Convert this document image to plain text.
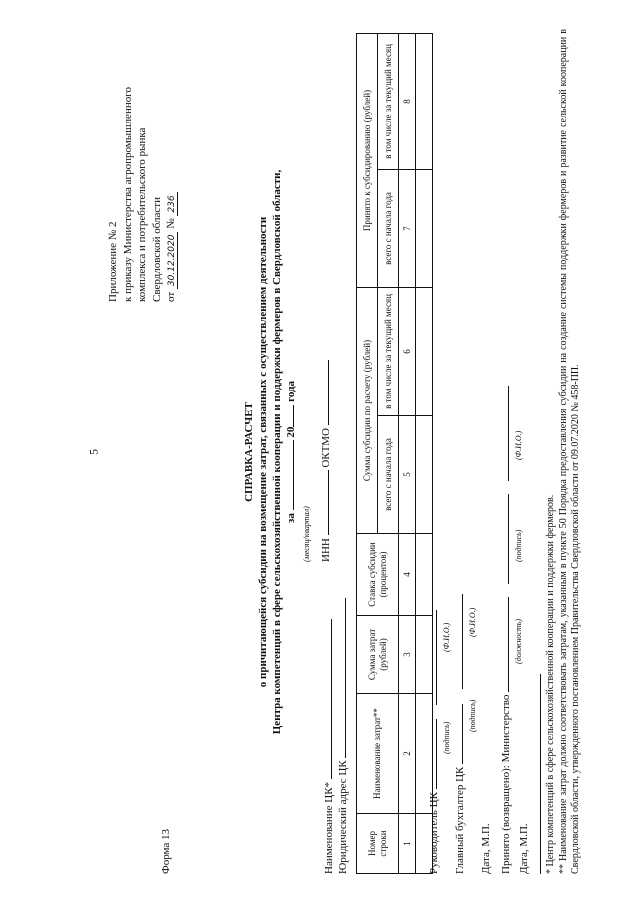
5
Форма 13
Приложение № 2 к приказу Министерства агропромышленного комплекса и потребительского рынка Свердловской области от 30.12.2020 № 236
СПРАВКА-РАСЧЕТ о причитающейся субсидии на возмещение затрат, связанных с осуществлением деятельности Центра компетенций в сфере сельскохозяйственной кооперации и поддержки фермеров в Свердловской области, за  20 года
(месяц/квартал)
Наименование ЦК* Юридический адрес ЦК
ИНН  ОКТМО
Номер строки	Наименование затрат**	Сумма затрат (рублей)	Ставка субсидии (процентов)	Сумма субсидии по расчету (рублей)		Принято к субсидированию (рублей)	
				всего с начала года	в том числе за текущий месяц	всего с начала года	в том числе за текущий месяц
1	2	3	4	5	6	7	8

Руководитель ЦК
(подпись)
(Ф.И.О.)
Главный бухгалтер ЦК
(подпись)
(Ф.И.О.)
Дата, М.П. Принято (возвращено): Министерство
(должность)
(подпись)
(Ф.И.О.)
Дата, М.П. * Центр компетенций в сфере сельскохозяйственной кооперации и поддержки фермеров. ** Наименование затрат должно соответствовать затратам, указанным в пункте 50 Порядка предоставления субсидии на создание системы поддержки фермеров и развитие сельской кооперации в Свердловской области, утвержденного постановлением Правительства Свердловской области от 09.07.2020 № 458-ПП.
